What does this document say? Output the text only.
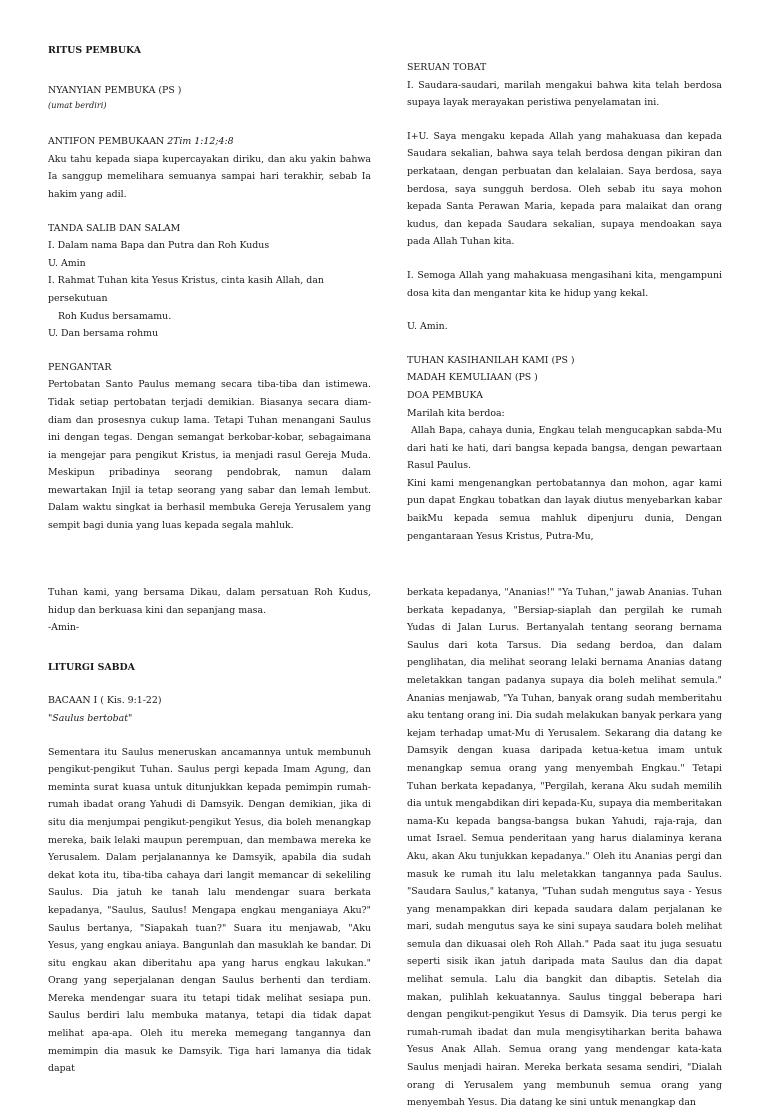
RITUS PEMBUKA
NYANYIAN PEMBUKA (PS )
(umat berdiri)
ANTIFON PEMBUKAAN 2Tim 1:12;4:8

Aku tahu kepada siapa kupercayakan diriku, dan aku yakin bahwa Ia sanggup memelihara semuanya sampai hari terakhir, sebab Ia hakim yang adil.

TANDA SALIB DAN SALAM
I. Dalam nama Bapa dan Putra dan Roh Kudus
U. Amin
I. Rahmat Tuhan kita Yesus Kristus, cinta kasih Allah, dan persekutuan
Roh Kudus bersamamu.
U. Dan bersama rohmu
PENGANTAR

Pertobatan Santo Paulus memang secara tiba-tiba dan istimewa. Tidak setiap pertobatan terjadi demikian. Biasanya secara diam-diam dan prosesnya cukup lama. Tetapi Tuhan menangani Saulus ini dengan tegas. Dengan semangat berkobar-kobar, sebagaimana ia mengejar para pengikut Kristus, ia menjadi rasul Gereja Muda. Meskipun pribadinya seorang pendobrak, namun dalam mewartakan Injil ia tetap seorang yang sabar dan lemah lembut. Dalam waktu singkat ia berhasil membuka Gereja Yerusalem yang sempit bagi dunia yang luas kepada segala mahluk.

SERUAN TOBAT

I. Saudara-saudari, marilah mengakui bahwa kita telah berdosa supaya layak merayakan peristiwa penyelamatan ini.

I+U. Saya mengaku kepada Allah yang mahakuasa dan kepada Saudara sekalian, bahwa saya telah berdosa dengan pikiran dan perkataan, dengan perbuatan dan kelalaian. Saya berdosa, saya berdosa, saya sungguh berdosa. Oleh sebab itu saya mohon kepada Santa Perawan Maria, kepada para malaikat dan orang kudus, dan kepada Saudara sekalian, supaya mendoakan saya pada Allah Tuhan kita.

I. Semoga Allah yang mahakuasa mengasihani kita, mengampuni dosa kita dan mengantar kita ke hidup yang kekal.

U. Amin.
TUHAN KASIHANILAH KAMI (PS )
MADAH KEMULIAAN (PS )
DOA PEMBUKA
Marilah kita berdoa:

Allah Bapa, cahaya dunia, Engkau telah mengucapkan sabda-Mu dari hati ke hati, dari bangsa kepada bangsa, dengan pewartaan Rasul Paulus.

Kini kami mengenangkan pertobatannya dan mohon, agar kami pun dapat Engkau tobatkan dan layak diutus menyebarkan kabar baikMu kepada semua mahluk dipenjuru dunia, Dengan pengantaraan Yesus Kristus, Putra-Mu,

Tuhan kami, yang bersama Dikau, dalam persatuan Roh Kudus, hidup dan berkuasa kini dan sepanjang masa.

-Amin-
LITURGI SABDA
BACAAN I ( Kis. 9:1-22)
"Saulus bertobat"

Sementara itu Saulus meneruskan ancamannya untuk membunuh pengikut-pengikut Tuhan. Saulus pergi kepada Imam Agung, dan meminta surat kuasa untuk ditunjukkan kepada pemimpin rumah-rumah ibadat orang Yahudi di Damsyik. Dengan demikian, jika di situ dia menjumpai pengikut-pengikut Yesus, dia boleh menangkap mereka, baik lelaki maupun perempuan, dan membawa mereka ke Yerusalem. Dalam perjalanannya ke Damsyik, apabila dia sudah dekat kota itu, tiba-tiba cahaya dari langit memancar di sekeliling Saulus. Dia jatuh ke tanah lalu mendengar suara berkata kepadanya, "Saulus, Saulus! Mengapa engkau menganiaya Aku?" Saulus bertanya, "Siapakah tuan?" Suara itu menjawab, "Aku Yesus, yang engkau aniaya. Bangunlah dan masuklah ke bandar. Di situ engkau akan diberitahu apa yang harus engkau lakukan." Orang yang seperjalanan dengan Saulus berhenti dan terdiam. Mereka mendengar suara itu tetapi tidak melihat sesiapa pun. Saulus berdiri lalu membuka matanya, tetapi dia tidak dapat melihat apa-apa. Oleh itu mereka memegang tangannya dan memimpin dia masuk ke Damsyik. Tiga hari lamanya dia tidak dapat

berkata kepadanya, "Ananias!" "Ya Tuhan," jawab Ananias. Tuhan berkata kepadanya, "Bersiap-siaplah dan pergilah ke rumah Yudas di Jalan Lurus. Bertanyalah tentang seorang bernama Saulus dari kota Tarsus. Dia sedang berdoa, dan dalam penglihatan, dia melihat seorang lelaki bernama Ananias datang meletakkan tangan padanya supaya dia boleh melihat semula." Ananias menjawab, "Ya Tuhan, banyak orang sudah memberitahu aku tentang orang ini. Dia sudah melakukan banyak perkara yang kejam terhadap umat-Mu di Yerusalem. Sekarang dia datang ke Damsyik dengan kuasa daripada ketua-ketua imam untuk menangkap semua orang yang menyembah Engkau." Tetapi Tuhan berkata kepadanya, "Pergilah, kerana Aku sudah memilih dia untuk mengabdikan diri kepada-Ku, supaya dia memberitakan nama-Ku kepada bangsa-bangsa bukan Yahudi, raja-raja, dan umat Israel. Semua penderitaan yang harus dialaminya kerana Aku, akan Aku tunjukkan kepadanya." Oleh itu Ananias pergi dan masuk ke rumah itu lalu meletakkan tangannya pada Saulus. "Saudara Saulus," katanya, "Tuhan sudah mengutus saya - Yesus yang menampakkan diri kepada saudara dalam perjalanan ke mari, sudah mengutus saya ke sini supaya saudara boleh melihat semula dan dikuasai oleh Roh Allah." Pada saat itu juga sesuatu seperti sisik ikan jatuh daripada mata Saulus dan dia dapat melihat semula. Lalu dia bangkit dan dibaptis. Setelah dia makan, pulihlah kekuatannya. Saulus tinggal beberapa hari dengan pengikut-pengikut Yesus di Damsyik. Dia terus pergi ke rumah-rumah ibadat dan mula mengisytiharkan berita bahawa Yesus Anak Allah. Semua orang yang mendengar kata-kata Saulus menjadi hairan. Mereka berkata sesama sendiri, "Dialah orang di Yerusalem yang membunuh semua orang yang menyembah Yesus. Dia datang ke sini untuk menangkap dan
